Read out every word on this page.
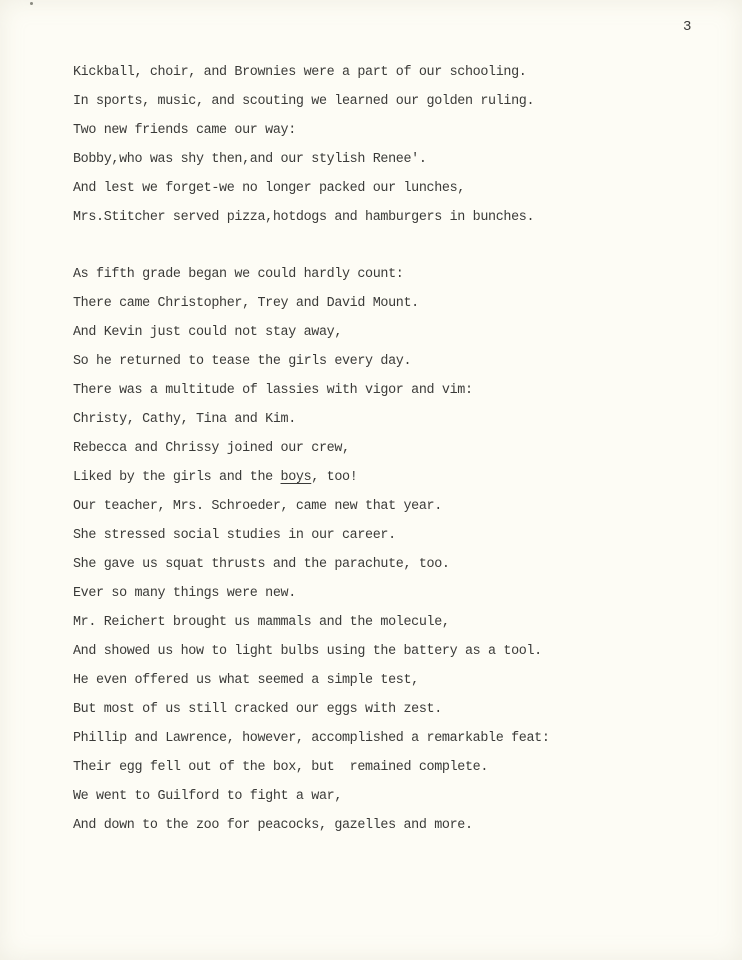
3
Kickball, choir, and Brownies were a part of our schooling.
In sports, music, and scouting we learned our golden ruling.
Two new friends came our way:
Bobby,who was shy then,and our stylish Renee'.
And lest we forget-we no longer packed our lunches,
Mrs.Stitcher served pizza,hotdogs and hamburgers in bunches.
As fifth grade began we could hardly count:
There came Christopher, Trey and David Mount.
And Kevin just could not stay away,
So he returned to tease the girls every day.
There was a multitude of lassies with vigor and vim:
Christy, Cathy, Tina and Kim.
Rebecca and Chrissy joined our crew,
Liked by the girls and the boys, too!
Our teacher, Mrs. Schroeder, came new that year.
She stressed social studies in our career.
She gave us squat thrusts and the parachute, too.
Ever so many things were new.
Mr. Reichert brought us mammals and the molecule,
And showed us how to light bulbs using the battery as a tool.
He even offered us what seemed a simple test,
But most of us still cracked our eggs with zest.
Phillip and Lawrence, however, accomplished a remarkable feat:
Their egg fell out of the box, but  remained complete.
We went to Guilford to fight a war,
And down to the zoo for peacocks, gazelles and more.
